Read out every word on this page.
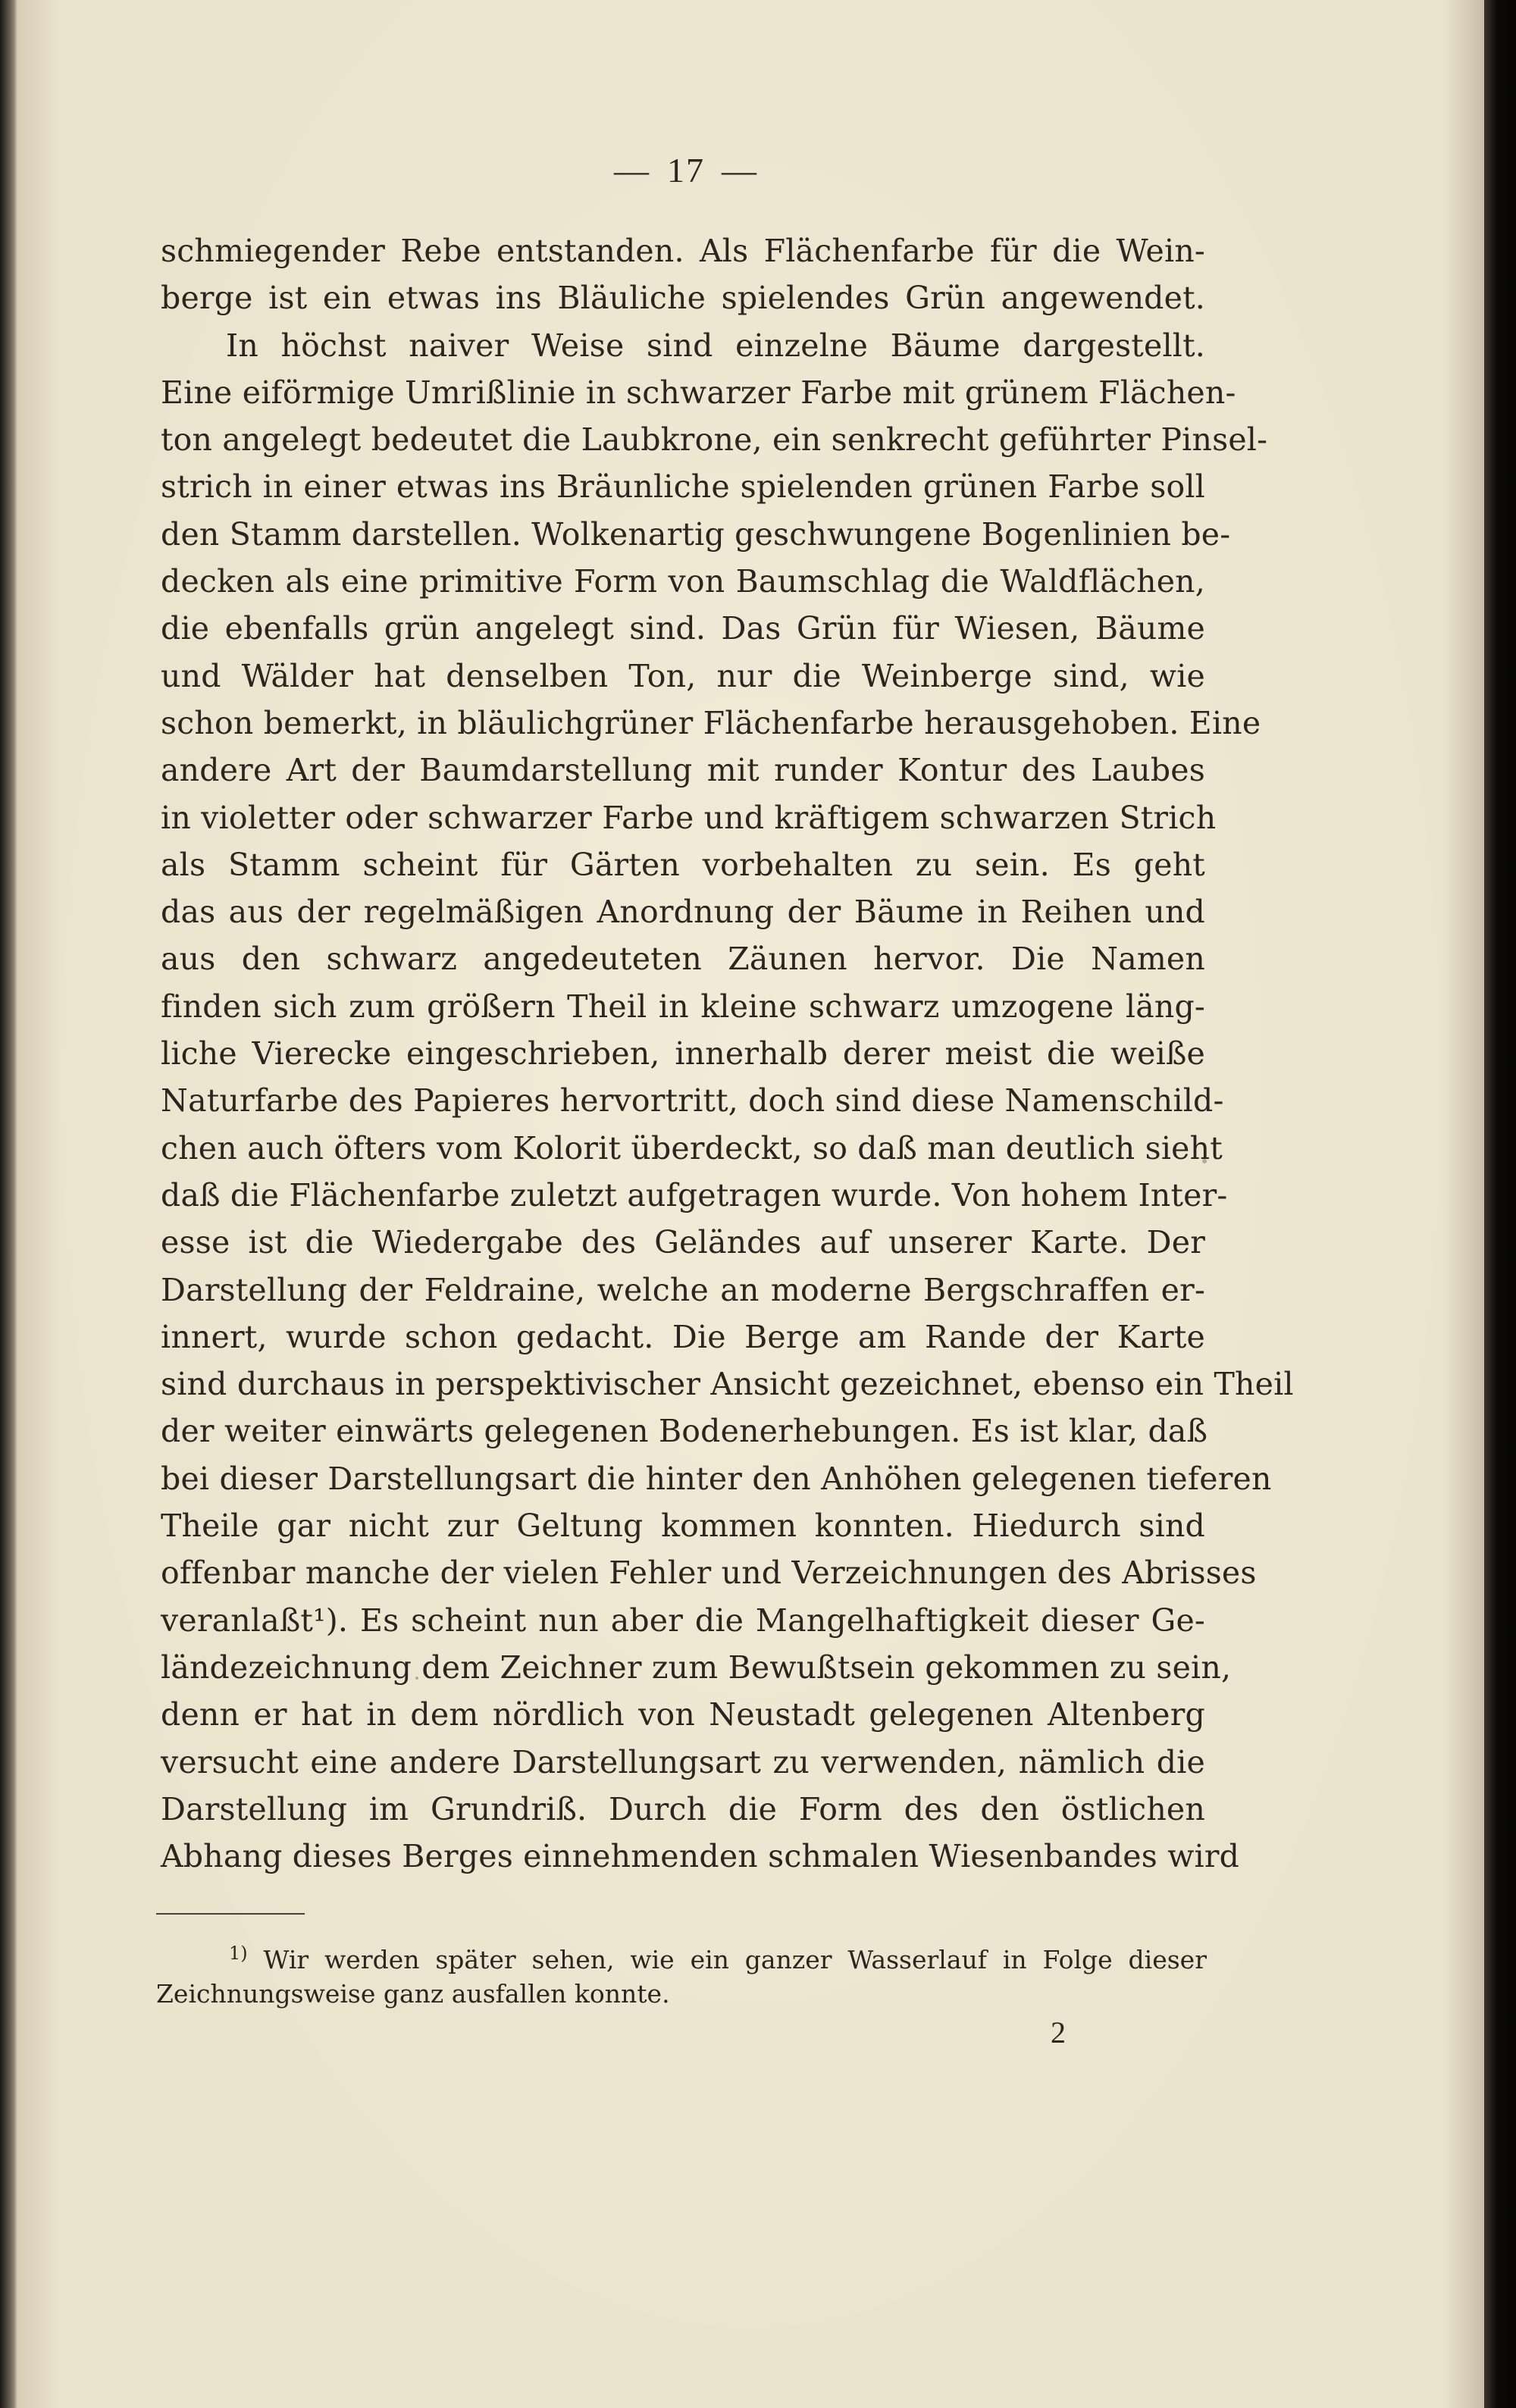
— 17 —
schmiegender Rebe entstanden. Als Flächenfarbe für die Wein-
berge ist ein etwas ins Bläuliche spielendes Grün angewendet.
In höchst naiver Weise sind einzelne Bäume dargestellt.
Eine eiförmige Umrißlinie in schwarzer Farbe mit grünem Flächen-
ton angelegt bedeutet die Laubkrone, ein senkrecht geführter Pinsel-
strich in einer etwas ins Bräunliche spielenden grünen Farbe soll
den Stamm darstellen. Wolkenartig geschwungene Bogenlinien be-
decken als eine primitive Form von Baumschlag die Waldflächen,
die ebenfalls grün angelegt sind. Das Grün für Wiesen, Bäume
und Wälder hat denselben Ton, nur die Weinberge sind, wie
schon bemerkt, in bläulichgrüner Flächenfarbe herausgehoben. Eine
andere Art der Baumdarstellung mit runder Kontur des Laubes
in violetter oder schwarzer Farbe und kräftigem schwarzen Strich
als Stamm scheint für Gärten vorbehalten zu sein. Es geht
das aus der regelmäßigen Anordnung der Bäume in Reihen und
aus den schwarz angedeuteten Zäunen hervor. Die Namen
finden sich zum größern Theil in kleine schwarz umzogene läng-
liche Vierecke eingeschrieben, innerhalb derer meist die weiße
Naturfarbe des Papieres hervortritt, doch sind diese Namenschild-
chen auch öfters vom Kolorit überdeckt, so daß man deutlich sieht
daß die Flächenfarbe zuletzt aufgetragen wurde. Von hohem Inter-
esse ist die Wiedergabe des Geländes auf unserer Karte. Der
Darstellung der Feldraine, welche an moderne Bergschraffen er-
innert, wurde schon gedacht. Die Berge am Rande der Karte
sind durchaus in perspektivischer Ansicht gezeichnet, ebenso ein Theil
der weiter einwärts gelegenen Bodenerhebungen. Es ist klar, daß
bei dieser Darstellungsart die hinter den Anhöhen gelegenen tieferen
Theile gar nicht zur Geltung kommen konnten. Hiedurch sind
offenbar manche der vielen Fehler und Verzeichnungen des Abrisses
veranlaßt¹). Es scheint nun aber die Mangelhaftigkeit dieser Ge-
ländezeichnung dem Zeichner zum Bewußtsein gekommen zu sein,
denn er hat in dem nördlich von Neustadt gelegenen Altenberg
versucht eine andere Darstellungsart zu verwenden, nämlich die
Darstellung im Grundriß. Durch die Form des den östlichen
Abhang dieses Berges einnehmenden schmalen Wiesenbandes wird
$^{1)}$ Wir werden später sehen, wie ein ganzer Wasserlauf in Folge dieser
Zeichnungsweise ganz ausfallen konnte.
2
